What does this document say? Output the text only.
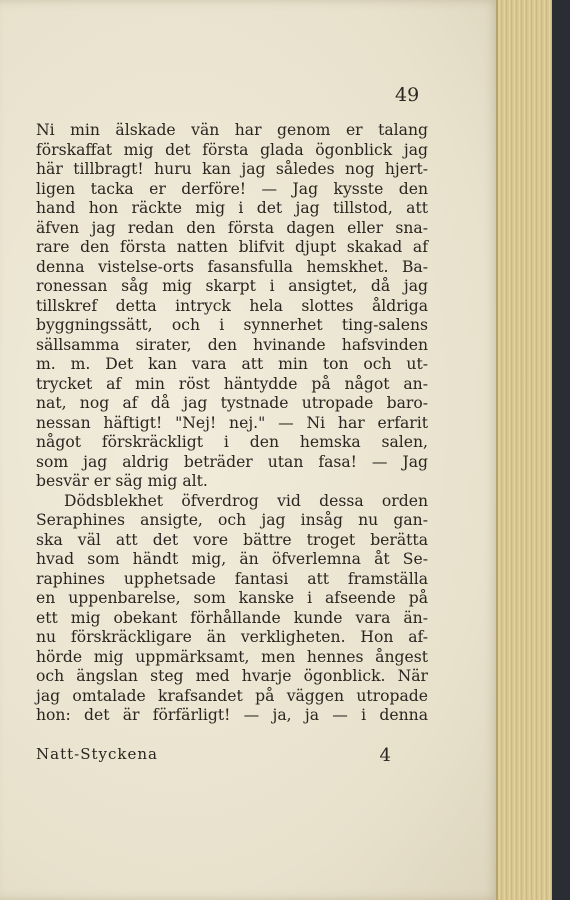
49
Ni min älskade vän har genom er talang
förskaffat mig det första glada ögonblick jag
här tillbragt! huru kan jag således nog hjert-
ligen tacka er derföre! — Jag kysste den
hand hon räckte mig i det jag tillstod, att
äfven jag redan den första dagen eller sna-
rare den första natten blifvit djupt skakad af
denna vistelse-orts fasansfulla hemskhet. Ba-
ronessan såg mig skarpt i ansigtet, då jag
tillskref detta intryck hela slottes åldriga
byggningssätt, och i synnerhet ting-salens
sällsamma sirater, den hvinande hafsvinden
m. m. Det kan vara att min ton och ut-
trycket af min röst häntydde på något an-
nat, nog af då jag tystnade utropade baro-
nessan häftigt! "Nej! nej." — Ni har erfarit
något förskräckligt i den hemska salen,
som jag aldrig beträder utan fasa! — Jag
besvär er säg mig alt.
Dödsblekhet öfverdrog vid dessa orden
Seraphines ansigte, och jag insåg nu gan-
ska väl att det vore bättre troget berätta
hvad som händt mig, än öfverlemna åt Se-
raphines upphetsade fantasi att framställa
en uppenbarelse, som kanske i afseende på
ett mig obekant förhållande kunde vara än-
nu förskräckligare än verkligheten. Hon af-
hörde mig uppmärksamt, men hennes ångest
och ängslan steg med hvarje ögonblick. När
jag omtalade krafsandet på väggen utropade
hon: det är förfärligt! — ja, ja — i denna
Natt-Styckena	4
